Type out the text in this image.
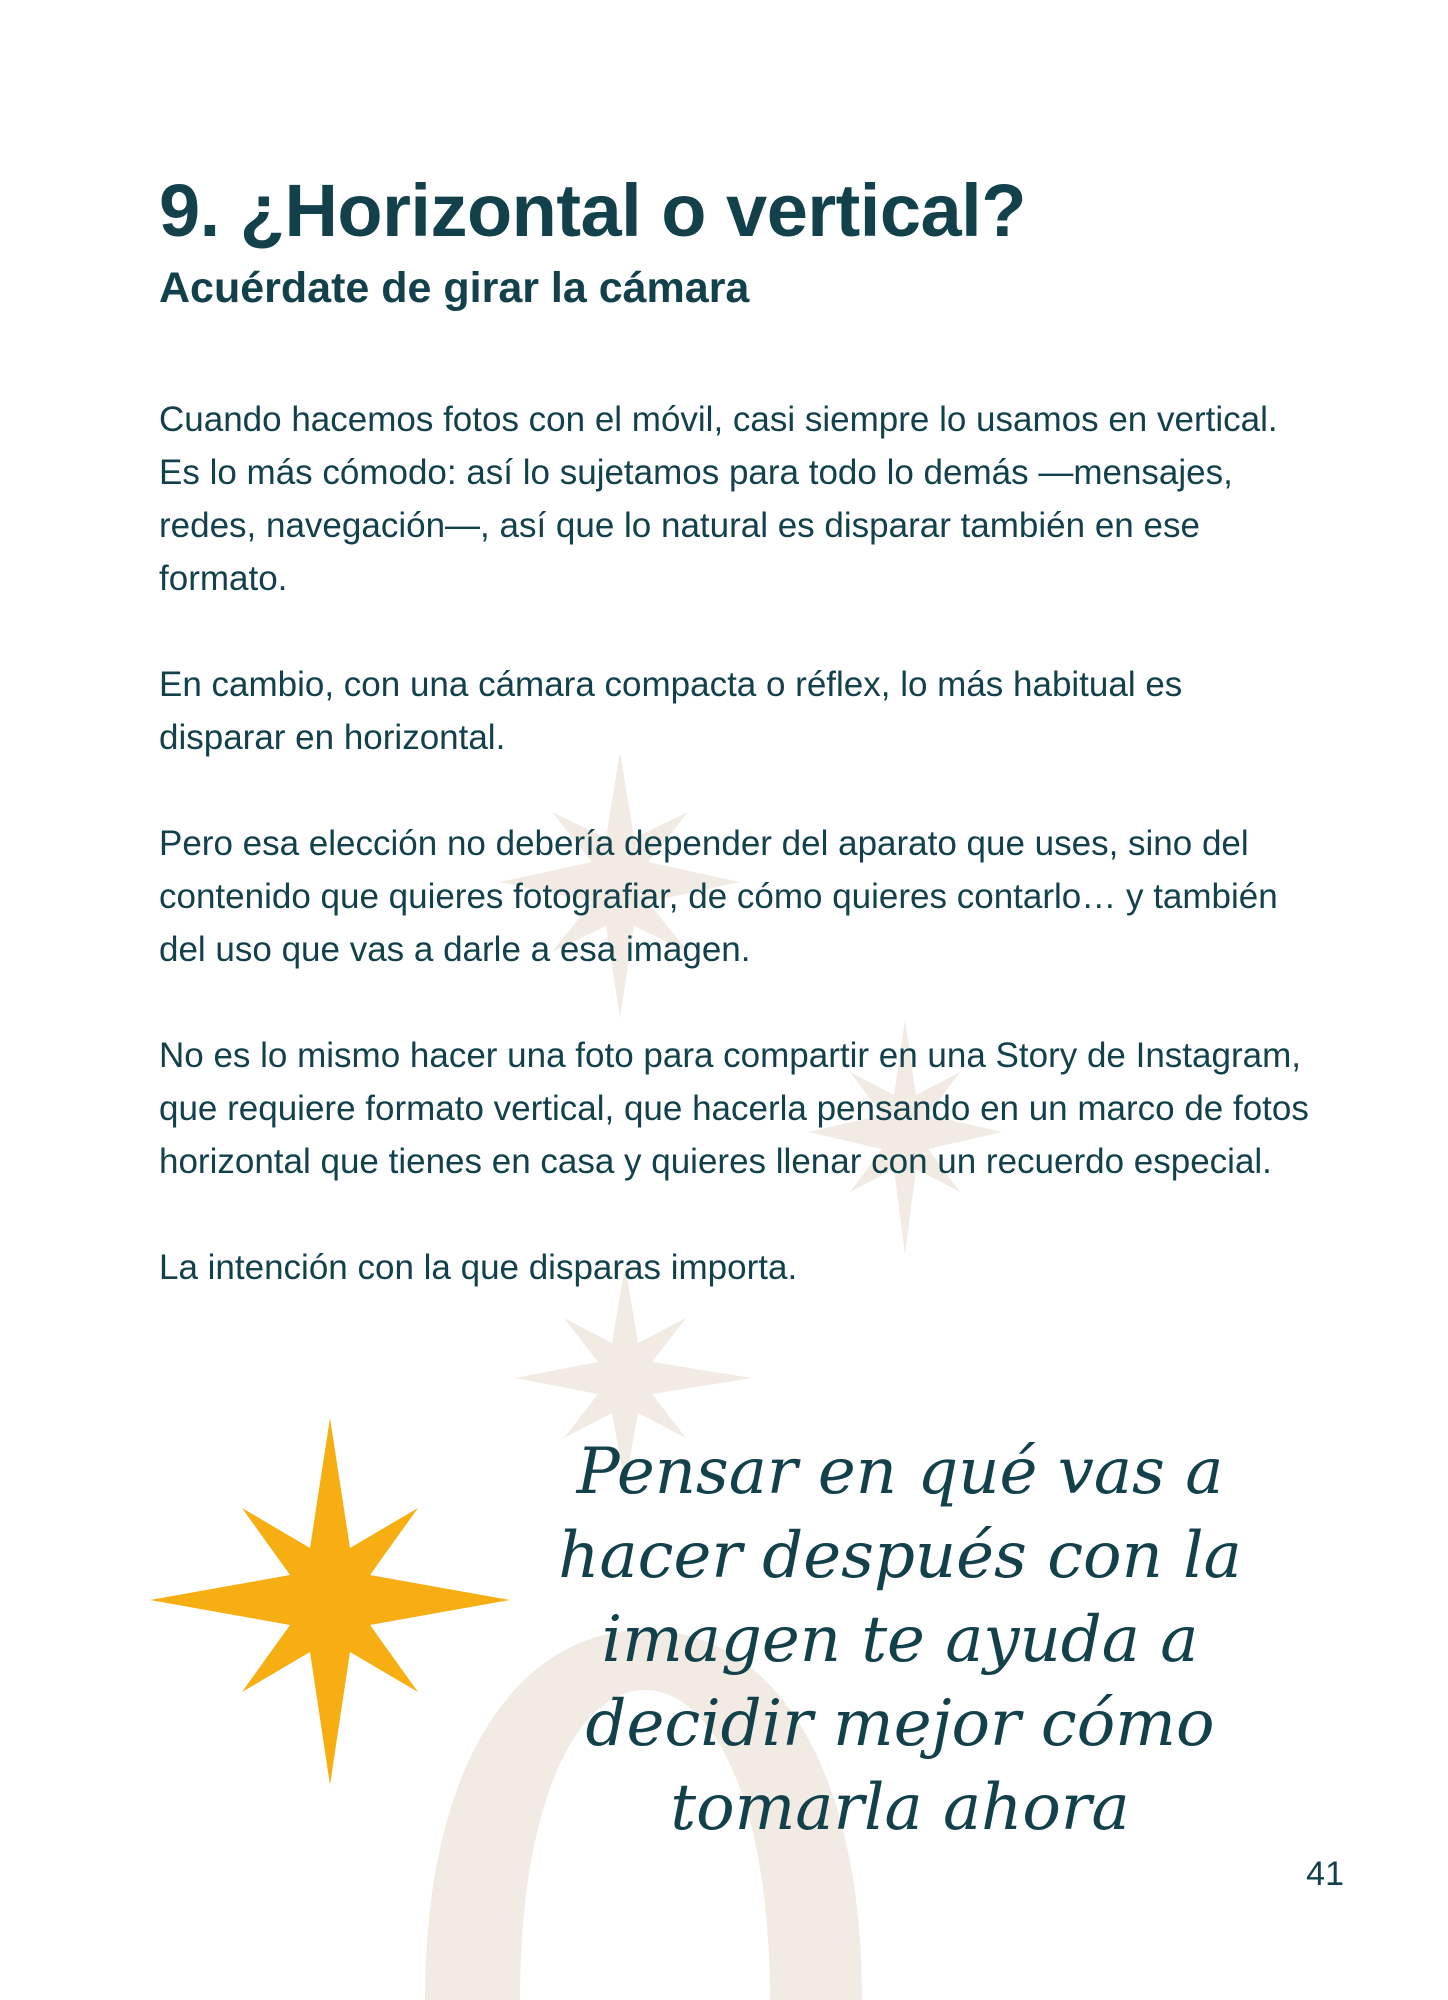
9. ¿Horizontal o vertical?
Acuérdate de girar la cámara

Cuando hacemos fotos con el móvil, casi siempre lo usamos en vertical. Es lo más cómodo: así lo sujetamos para todo lo demás —mensajes, redes, navegación—, así que lo natural es disparar también en ese formato.

En cambio, con una cámara compacta o réflex, lo más habitual es disparar en horizontal.

Pero esa elección no debería depender del aparato que uses, sino del contenido que quieres fotografiar, de cómo quieres contarlo… y también del uso que vas a darle a esa imagen.

No es lo mismo hacer una foto para compartir en una Story de Instagram, que requiere formato vertical, que hacerla pensando en un marco de fotos horizontal que tienes en casa y quieres llenar con un recuerdo especial.

La intención con la que disparas importa.

Pensar en qué vas a hacer después con la imagen te ayuda a decidir mejor cómo tomarla ahora
41
